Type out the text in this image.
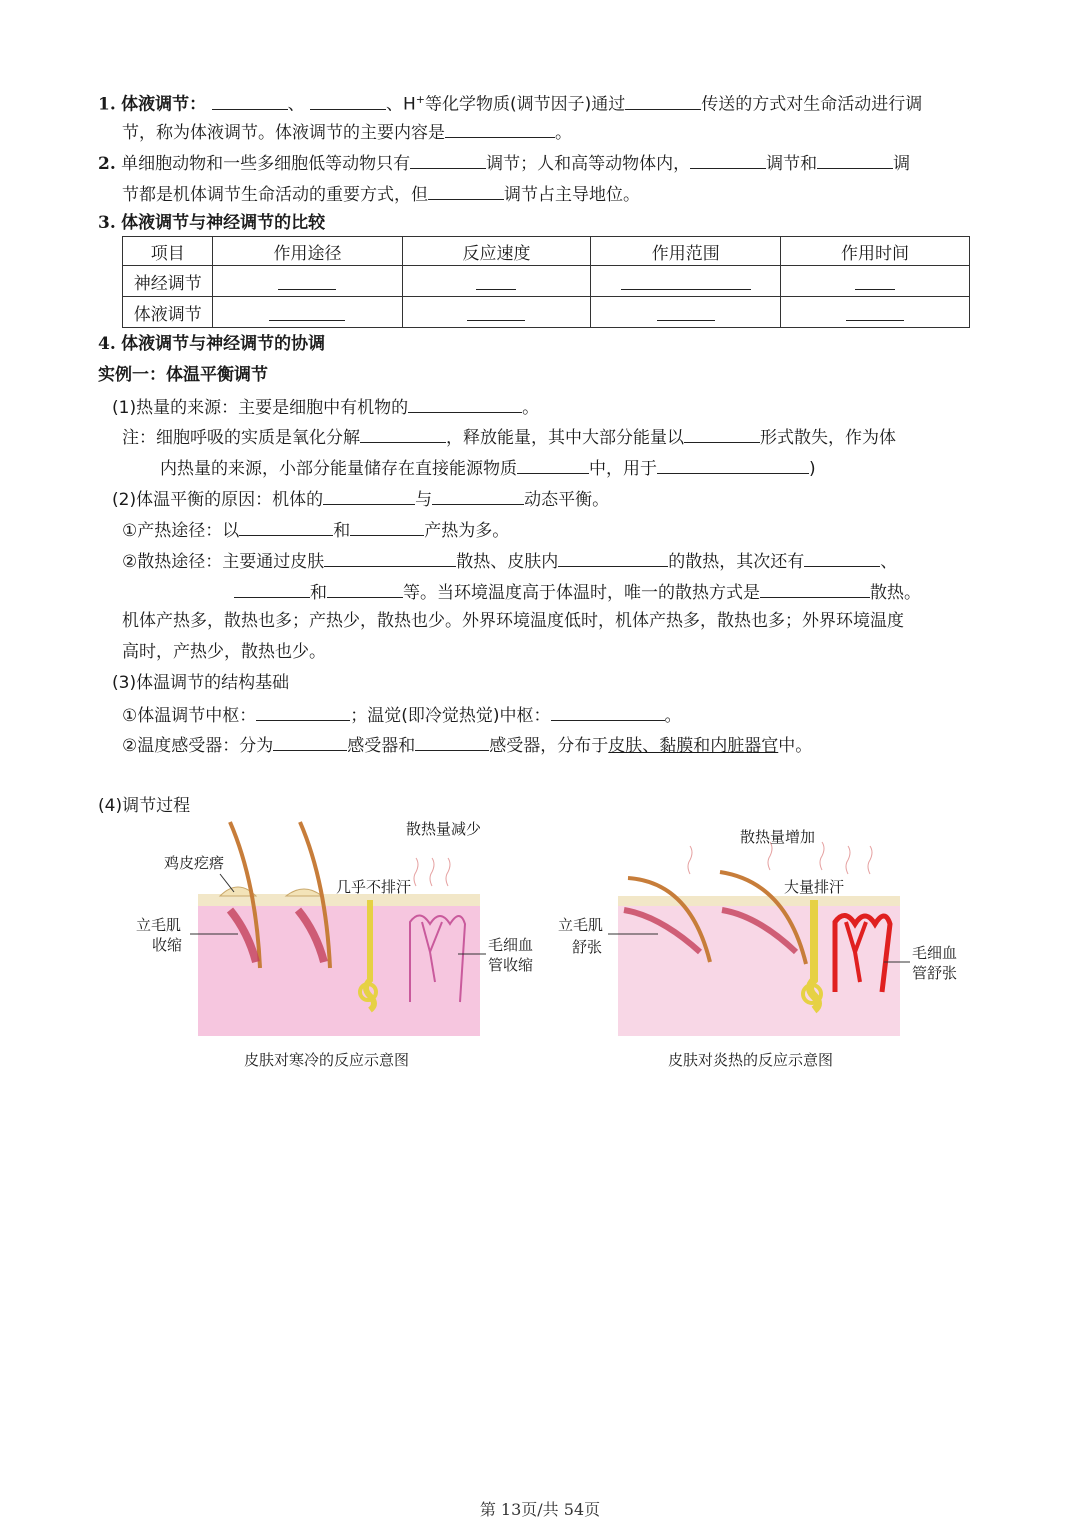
1. 体液调节：	、	、H+等化学物质(调节因子)通过	传送的方式对生命活动进行调
节，称为体液调节。体液调节的主要内容是	。
2. 单细胞动物和一些多细胞低等动物只有	调节；人和高等动物体内，	调节和	调
节都是机体调节生命活动的重要方式，但	调节占主导地位。
3. 体液调节与神经调节的比较
项目	作用途径	反应速度	作用范围	作用时间
神经调节				
体液调节				
4. 体液调节与神经调节的协调
实例一：体温平衡调节
(1)热量的来源：主要是细胞中有机物的	。
注：细胞呼吸的实质是氧化分解	，释放能量，其中大部分能量以	形式散失，作为体
内热量的来源，小部分能量储存在直接能源物质	中，用于	)
(2)体温平衡的原因：机体的	与	动态平衡。
①产热途径：以	和	产热为多。
②散热途径：主要通过皮肤	散热、皮肤内	的散热，其次还有	、
和	等。当环境温度高于体温时，唯一的散热方式是	散热。
机体产热多，散热也多；产热少，散热也少。外界环境温度低时，机体产热多，散热也多；外界环境温度
高时，产热少，散热也少。
(3)体温调节的结构基础
①体温调节中枢：	；温觉(即冷觉热觉)中枢：	。
②温度感受器：分为	感受器和	感受器，分布于皮肤、黏膜和内脏器官中。
(4)调节过程
散热量减少
鸡皮疙瘩
几乎不排汗
立毛肌
收缩	毛细血
管收缩
皮肤对寒冷的反应示意图
散热量增加
大量排汗
立毛肌
舒张	毛细血
管舒张
皮肤对炎热的反应示意图
第 13页/共 54页
